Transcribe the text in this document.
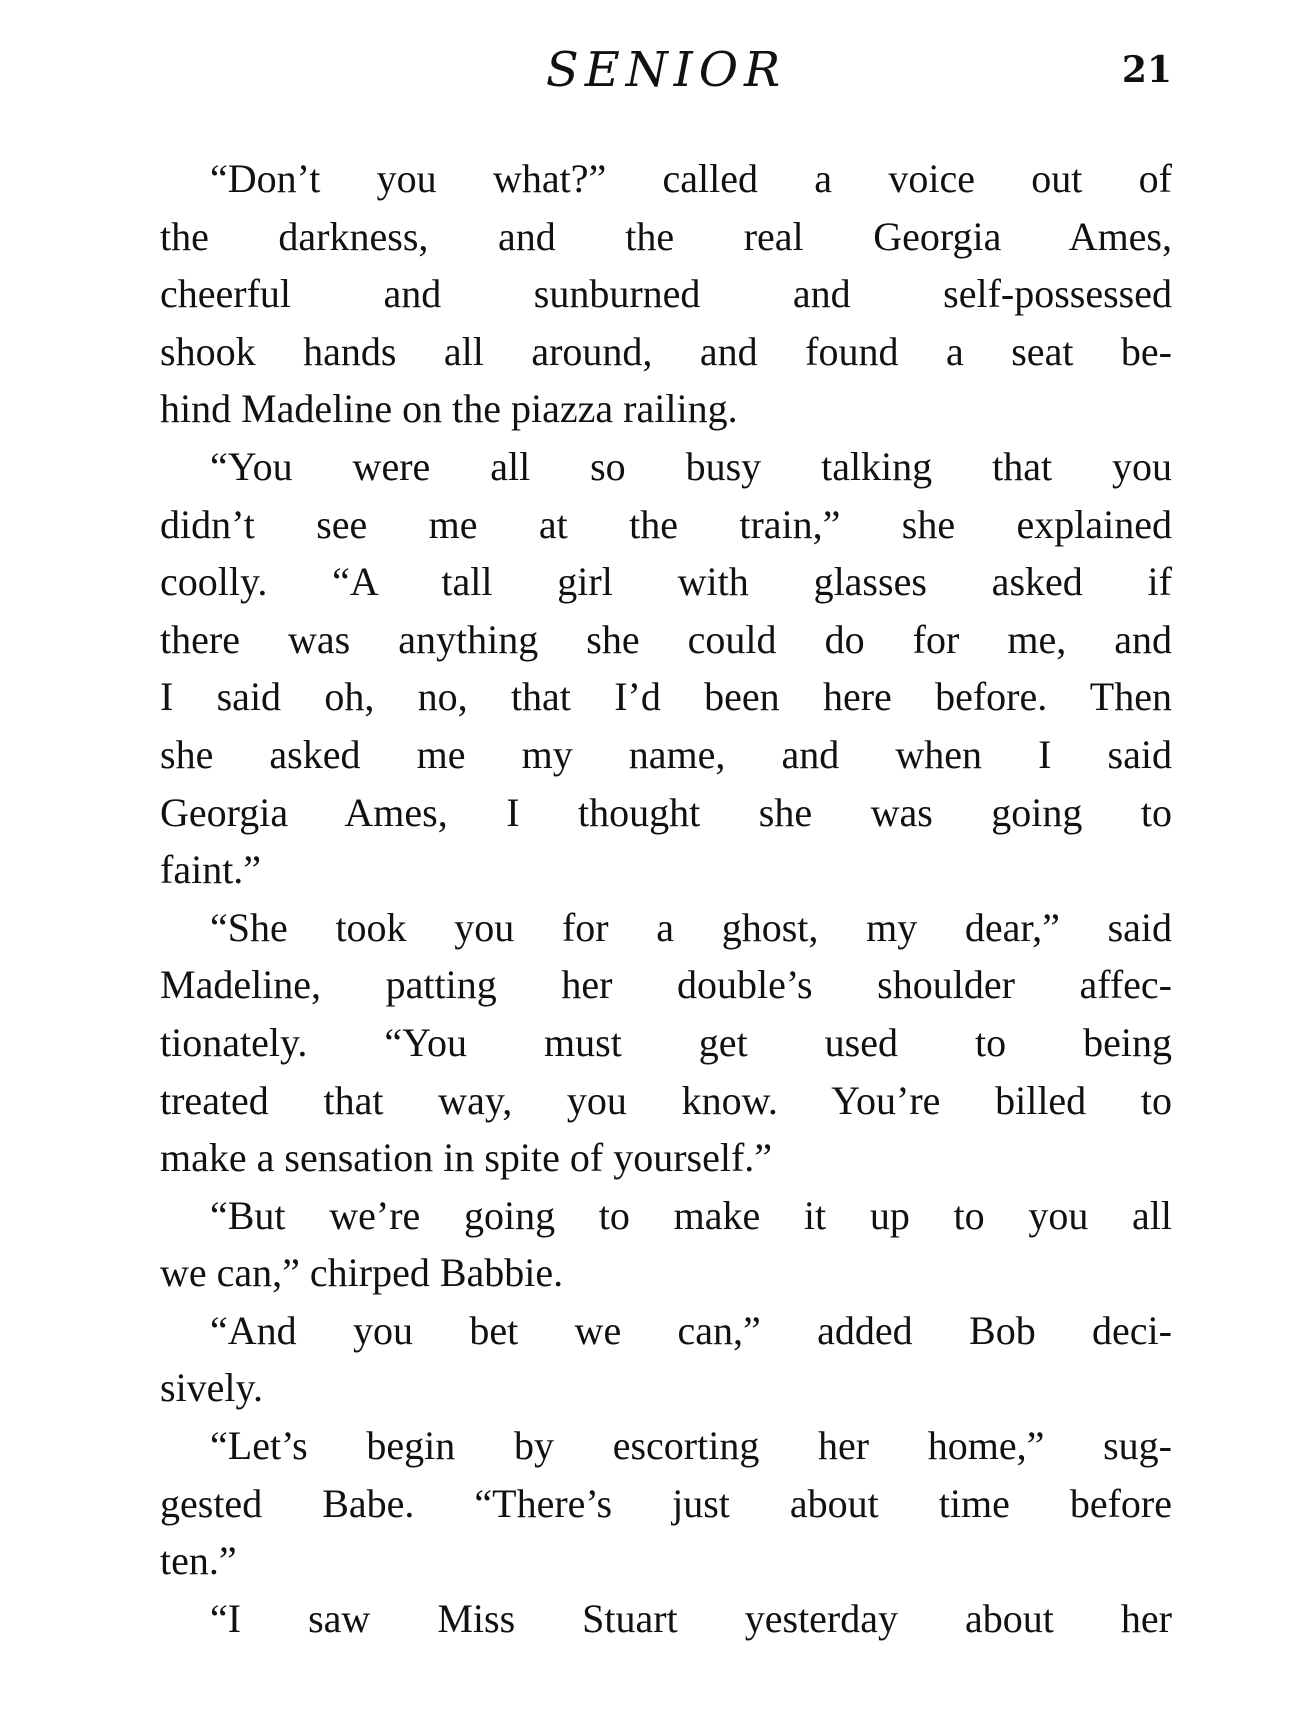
SENIOR	21
“Don’t you what?” called a voice out of
the darkness, and the real Georgia Ames,
cheerful and sunburned and self-possessed
shook hands all around, and found a seat be-
hind Madeline on the piazza railing.
“You were all so busy talking that you
didn’t see me at the train,” she explained
coolly. “A tall girl with glasses asked if
there was anything she could do for me, and
I said oh, no, that I’d been here before. Then
she asked me my name, and when I said
Georgia Ames, I thought she was going to
faint.”
“She took you for a ghost, my dear,” said
Madeline, patting her double’s shoulder affec-
tionately. “You must get used to being
treated that way, you know. You’re billed to
make a sensation in spite of yourself.”
“But we’re going to make it up to you all
we can,” chirped Babbie.
“And you bet we can,” added Bob deci-
sively.
“Let’s begin by escorting her home,” sug-
gested Babe. “There’s just about time before
ten.”
“I saw Miss Stuart yesterday about her
